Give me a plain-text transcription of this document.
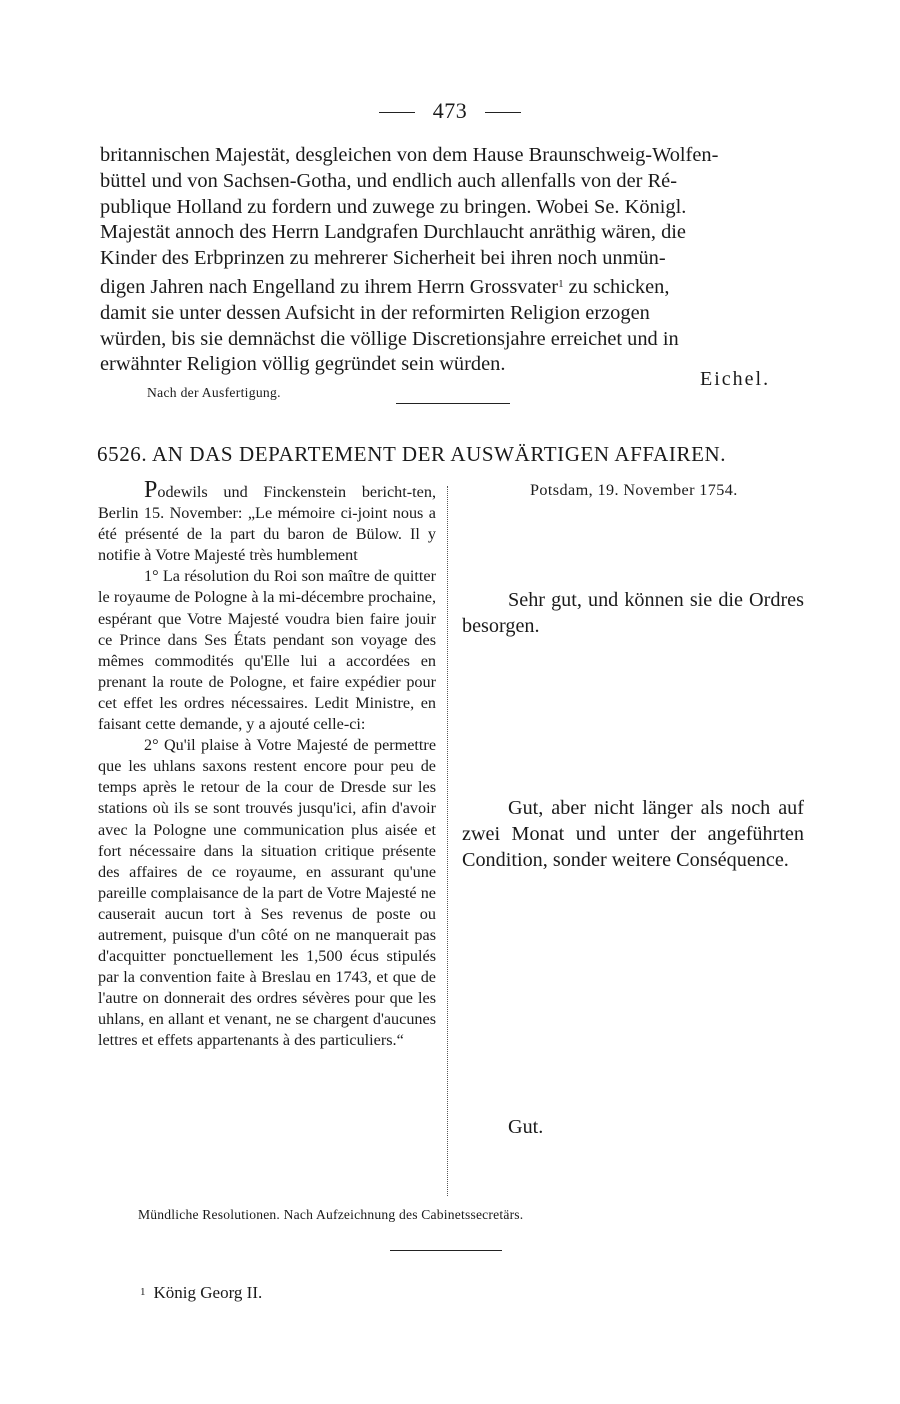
473
britannischen Majestät, desgleichen von dem Hause Braunschweig-Wolfen-
büttel und von Sachsen-Gotha, und endlich auch allenfalls von der Ré-
publique Holland zu fordern und zuwege zu bringen. Wobei Se. Königl.
Majestät annoch des Herrn Landgrafen Durchlaucht anräthig wären, die
Kinder des Erbprinzen zu mehrerer Sicherheit bei ihren noch unmün-
digen Jahren nach Engelland zu ihrem Herrn Grossvater$^1$ zu schicken,
damit sie unter dessen Aufsicht in der reformirten Religion erzogen
würden, bis sie demnächst die völlige Discretionsjahre erreichet und in
erwähnter Religion völlig gegründet sein würden.
Eichel.
Nach der Ausfertigung.
6526. AN DAS DEPARTEMENT DER AUSWÄRTIGEN AFFAIREN.

Podewils und Finckenstein bericht-ten, Berlin 15. November: „Le mémoire ci-joint nous a été présenté de la part du baron de Bülow. Il y notifie à Votre Majesté très humblement

1° La résolution du Roi son maître de quitter le royaume de Pologne à la mi-décembre prochaine, espérant que Votre Majesté voudra bien faire jouir ce Prince dans Ses États pendant son voyage des mêmes commodités qu'Elle lui a accordées en prenant la route de Pologne, et faire expédier pour cet effet les ordres nécessaires. Ledit Ministre, en faisant cette demande, y a ajouté celle-ci:

2° Qu'il plaise à Votre Majesté de permettre que les uhlans saxons restent encore pour peu de temps après le retour de la cour de Dresde sur les stations où ils se sont trouvés jusqu'ici, afin d'avoir avec la Pologne une communication plus aisée et fort nécessaire dans la situation critique présente des affaires de ce royaume, en assurant qu'une pareille complaisance de la part de Votre Majesté ne causerait aucun tort à Ses revenus de poste ou autrement, puisque d'un côté on ne manquerait pas d'acquitter ponctuellement les 1,500 écus stipulés par la convention faite à Breslau en 1743, et que de l'autre on donnerait des ordres sévères pour que les uhlans, en allant et venant, ne se chargent d'aucunes lettres et effets appartenants à des particuliers.“

Potsdam, 19. November 1754.
Sehr gut, und können sie die Ordres besorgen.
Gut, aber nicht länger als noch auf zwei Monat und unter der angeführten Condition, sonder weitere Conséquence.
Gut.
Mündliche Resolutionen. Nach Aufzeichnung des Cabinetssecretärs.
1 König Georg II.
